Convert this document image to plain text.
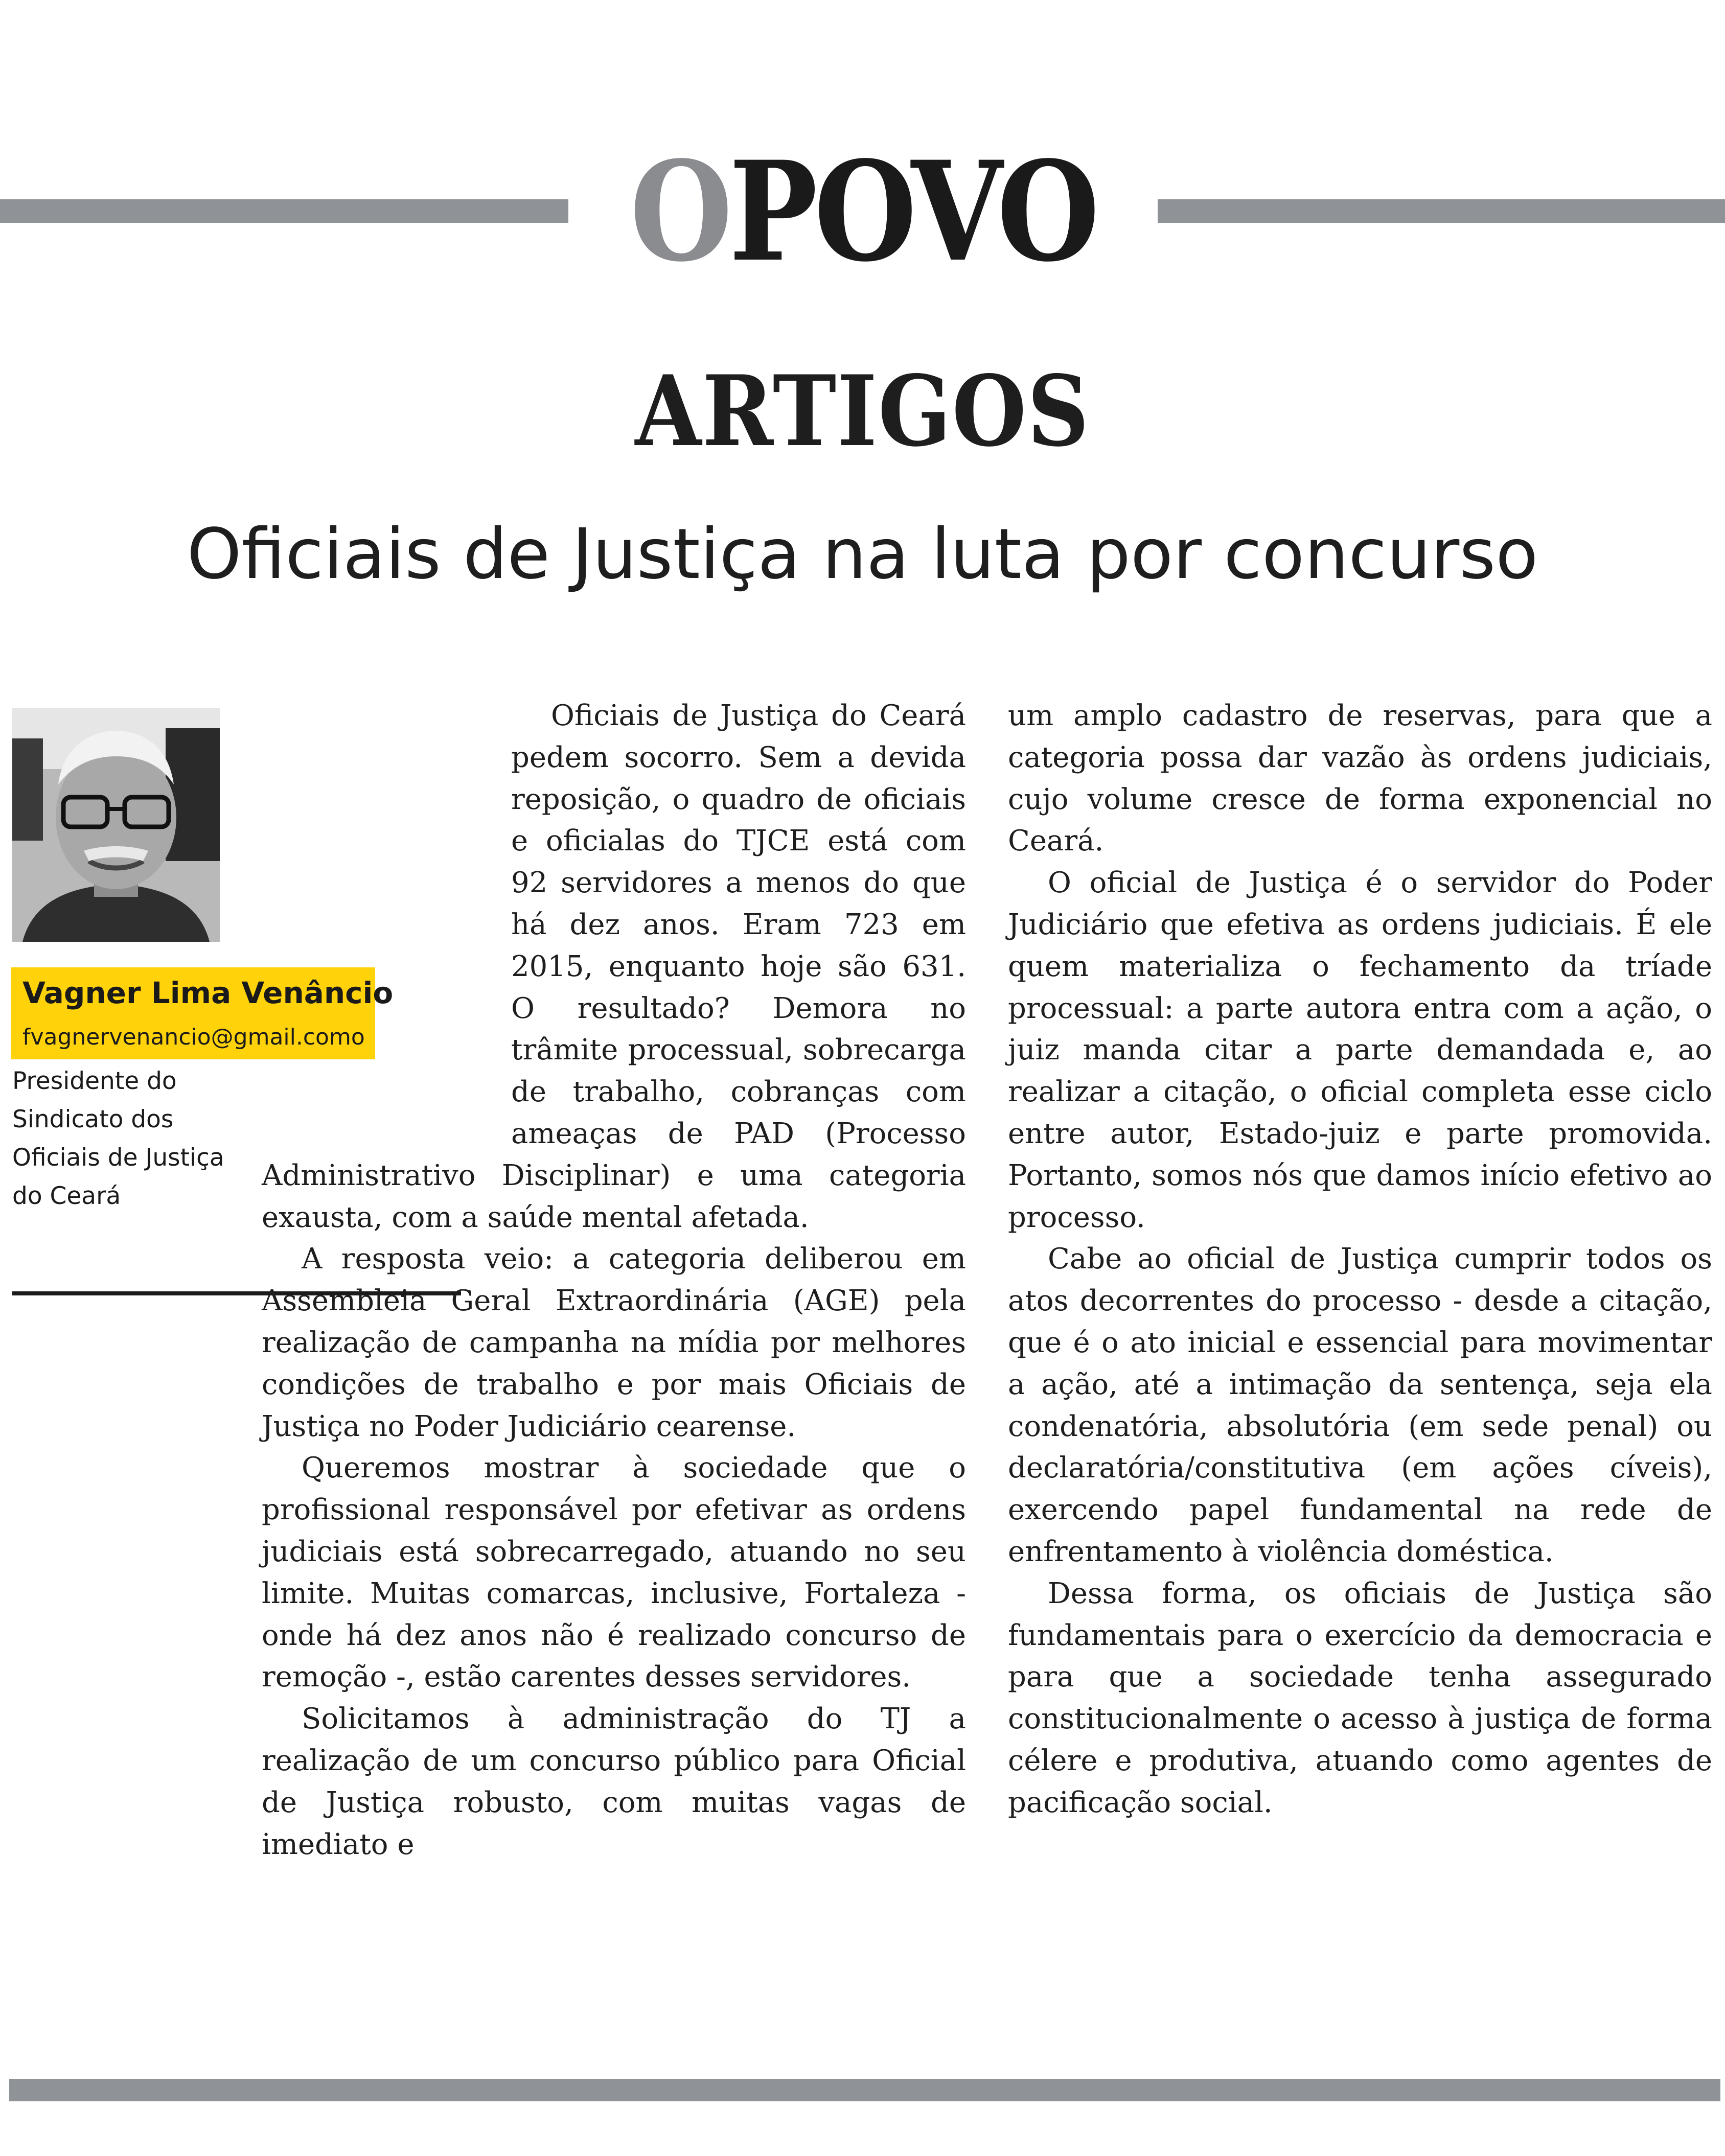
OPOVO
ARTIGOS
Oficiais de Justiça na luta por concurso
Vagner Lima Venâncio
fvagnervenancio@gmail.como
Presidente do Sindicato dos Oficiais de Justiça do Ceará

Oficiais de Justiça do Ceará pedem socorro. Sem a devida reposição, o quadro de oficiais e oficialas do TJCE está com 92 servidores a menos do que há dez anos. Eram 723 em 2015, enquanto hoje são 631. O resultado? Demora no trâmite processual, sobrecarga de trabalho, cobranças com ameaças de PAD (Processo Administrativo Disciplinar) e uma categoria exausta, com a saúde mental afetada.

A resposta veio: a categoria deliberou em Assembleia Geral Extraordinária (AGE) pela realização de campanha na mídia por melhores condições de trabalho e por mais Oficiais de Justiça no Poder Judiciário cearense.

Queremos mostrar à sociedade que o profissional responsável por efetivar as ordens judiciais está sobrecarregado, atuando no seu limite. Muitas comarcas, inclusive, Fortaleza - onde há dez anos não é realizado concurso de remoção -, estão carentes desses servidores.

Solicitamos à administração do TJ a realização de um concurso público para Oficial de Justiça robusto, com muitas vagas de imediato e

um amplo cadastro de reservas, para que a categoria possa dar vazão às ordens judiciais, cujo volume cresce de forma exponencial no Ceará.

O oficial de Justiça é o servidor do Poder Judiciário que efetiva as ordens judiciais. É ele quem materializa o fechamento da tríade processual: a parte autora entra com a ação, o juiz manda citar a parte demandada e, ao realizar a citação, o oficial completa esse ciclo entre autor, Estado-juiz e parte promovida. Portanto, somos nós que damos início efetivo ao processo.

Cabe ao oficial de Justiça cumprir todos os atos decorrentes do processo - desde a citação, que é o ato inicial e essencial para movimentar a ação, até a intimação da sentença, seja ela condenatória, absolutória (em sede penal) ou declaratória/constitutiva (em ações cíveis), exercendo papel fundamental na rede de enfrentamento à violência doméstica.

Dessa forma, os oficiais de Justiça são fundamentais para o exercício da democracia e para que a sociedade tenha assegurado constitucionalmente o acesso à justiça de forma célere e produtiva, atuando como agentes de pacificação social.
